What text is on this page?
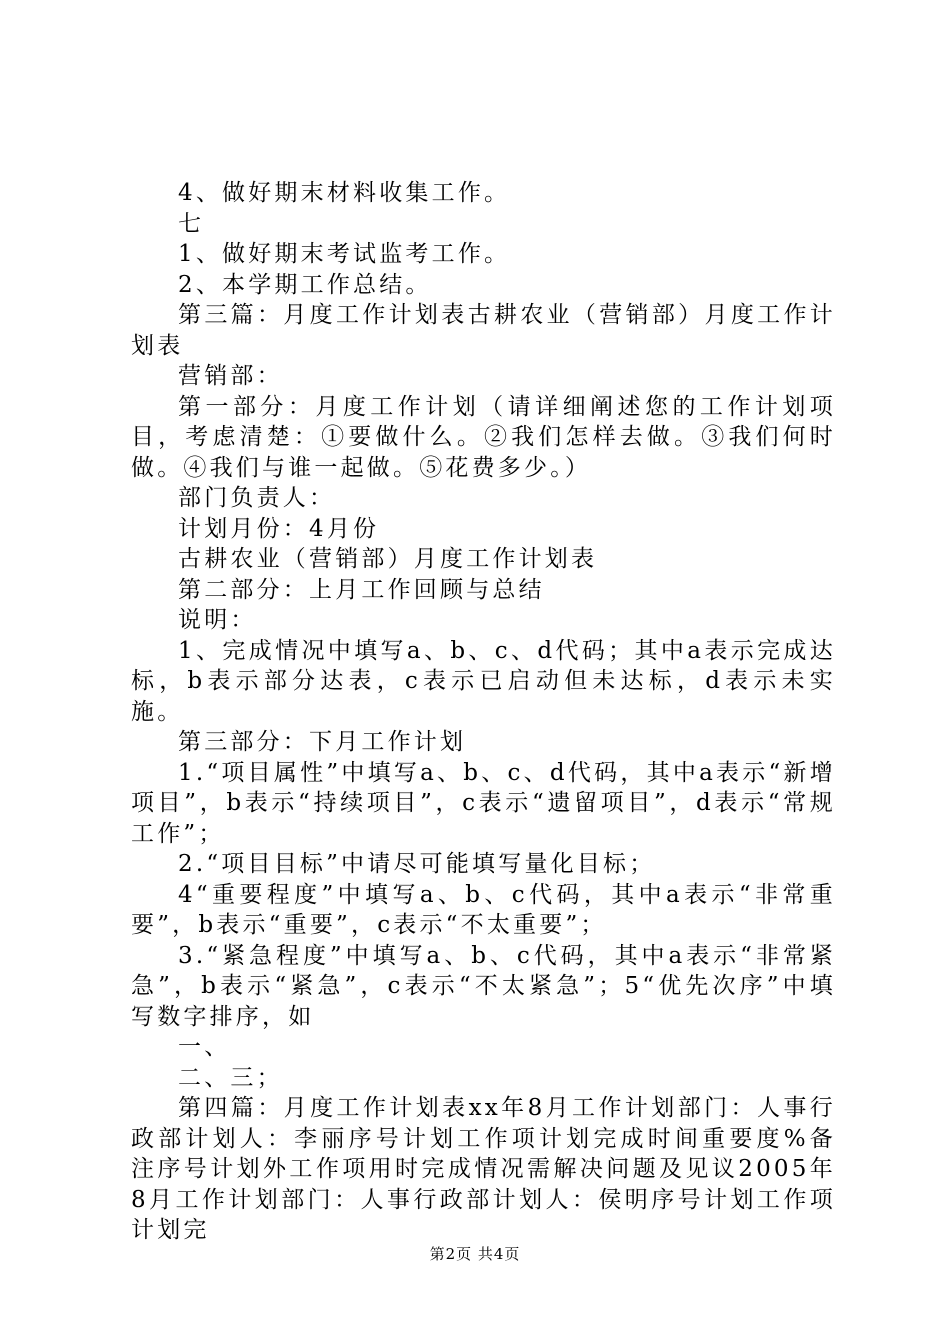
4、做好期末材料收集工作。

七

1、做好期末考试监考工作。

2、本学期工作总结。

第三篇：月度工作计划表古耕农业（营销部）月度工作计划表

营销部：

第一部分：月度工作计划（请详细阐述您的工作计划项目，考虑清楚：①要做什么。②我们怎样去做。③我们何时做。④我们与谁一起做。⑤花费多少。）

部门负责人：

计划月份：4月份

古耕农业（营销部）月度工作计划表

第二部分：上月工作回顾与总结

说明：

1、完成情况中填写a、b、c、d代码；其中a表示完成达标，b表示部分达表，c表示已启动但未达标，d表示未实施。

第三部分：下月工作计划

1.“项目属性”中填写a、b、c、d代码，其中a表示“新增项目”，b表示“持续项目”，c表示“遗留项目”，d表示“常规工作”；

2.“项目目标”中请尽可能填写量化目标；

4“重要程度”中填写a、b、c代码，其中a表示“非常重要”，b表示“重要”，c表示“不太重要”；

3.“紧急程度”中填写a、b、c代码，其中a表示“非常紧急”，b表示“紧急”，c表示“不太紧急”；5“优先次序”中填写数字排序，如

一、

二、三；

第四篇：月度工作计划表xx年8月工作计划部门：人事行政部计划人：李丽序号计划工作项计划完成时间重要度%备注序号计划外工作项用时完成情况需解决问题及见议2005年8月工作计划部门：人事行政部计划人：侯明序号计划工作项计划完

第2页 共4页
